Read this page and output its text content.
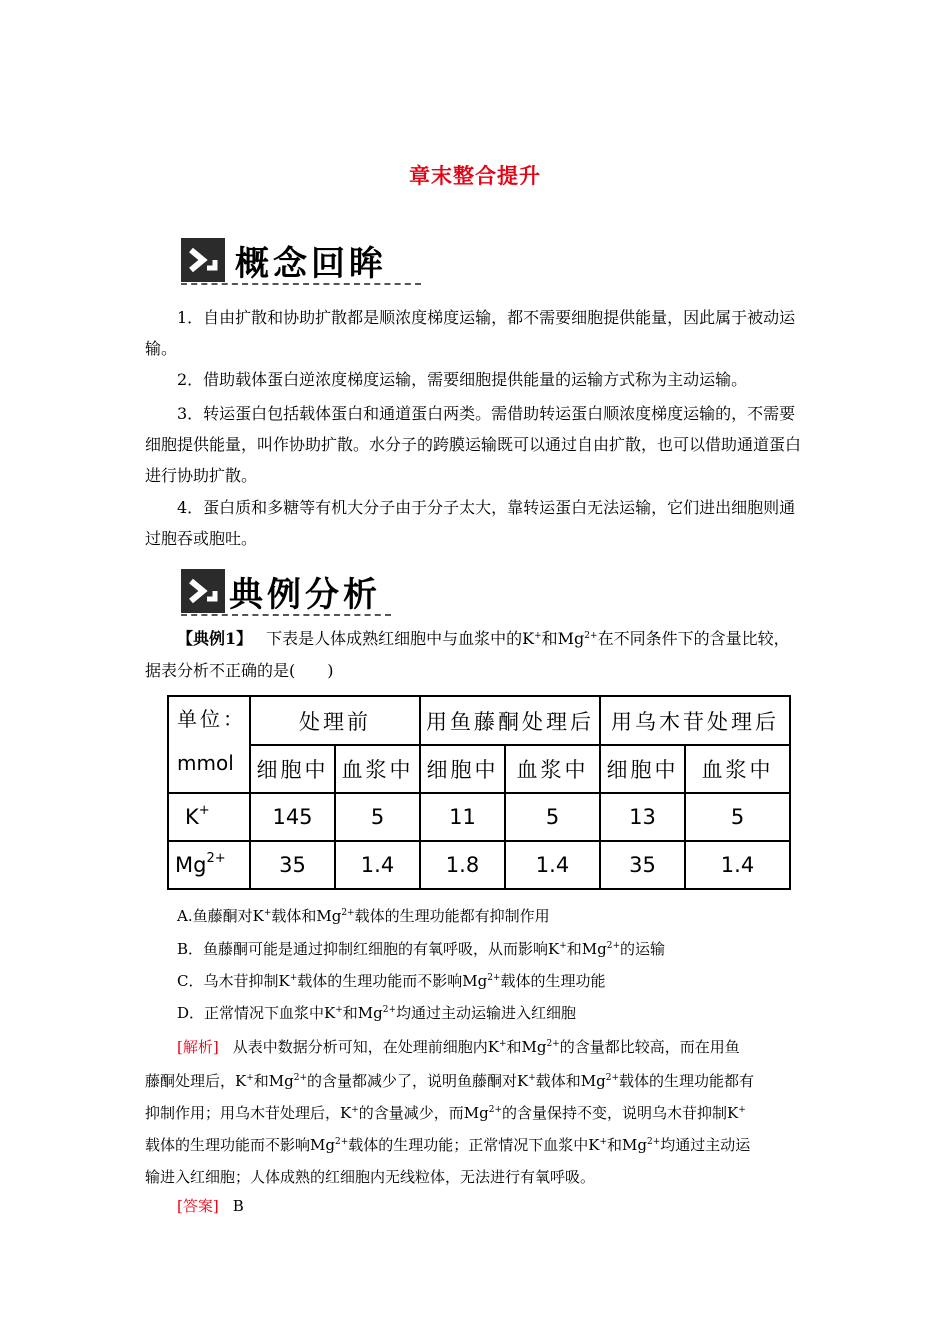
章末整合提升
概念回眸
1．自由扩散和协助扩散都是顺浓度梯度运输，都不需要细胞提供能量，因此属于被动运输。
2．借助载体蛋白逆浓度梯度运输，需要细胞提供能量的运输方式称为主动运输。
3．转运蛋白包括载体蛋白和通道蛋白两类。需借助转运蛋白顺浓度梯度运输的，不需要细胞提供能量，叫作协助扩散。水分子的跨膜运输既可以通过自由扩散，也可以借助通道蛋白进行协助扩散。
4．蛋白质和多糖等有机大分子由于分子太大，靠转运蛋白无法运输，它们进出细胞则通过胞吞或胞吐。
典例分析
【典例1】 下表是人体成熟红细胞中与血浆中的K+和$Mg^{2+}$在不同条件下的含量比较，
据表分析不正确的是(　　)
单位：
mmol	处理前		用鱼藤酮处理后		用乌木苷处理后	
	细胞中	血浆中	细胞中	血浆中	细胞中	血浆中
K+	145	5	11	5	13	5
$Mg^{2+}$	35	1.4	1.8	1.4	35	1.4
A.鱼藤酮对K+载体和$Mg^{2+}$载体的生理功能都有抑制作用
B．鱼藤酮可能是通过抑制红细胞的有氧呼吸，从而影响K+和$Mg^{2+}$的运输
C．乌木苷抑制K+载体的生理功能而不影响$Mg^{2+}$载体的生理功能
D．正常情况下血浆中K+和$Mg^{2+}$均通过主动运输进入红细胞
[解析] 从表中数据分析可知，在处理前细胞内K+和$Mg^{2+}$的含量都比较高，而在用鱼
藤酮处理后，K+和$Mg^{2+}$的含量都减少了，说明鱼藤酮对K+载体和$Mg^{2+}$载体的生理功能都有
抑制作用；用乌木苷处理后，K+的含量减少，而$Mg^{2+}$的含量保持不变，说明乌木苷抑制K+
载体的生理功能而不影响$Mg^{2+}$载体的生理功能；正常情况下血浆中K+和$Mg^{2+}$均通过主动运
输进入红细胞；人体成熟的红细胞内无线粒体，无法进行有氧呼吸。
[答案] B
